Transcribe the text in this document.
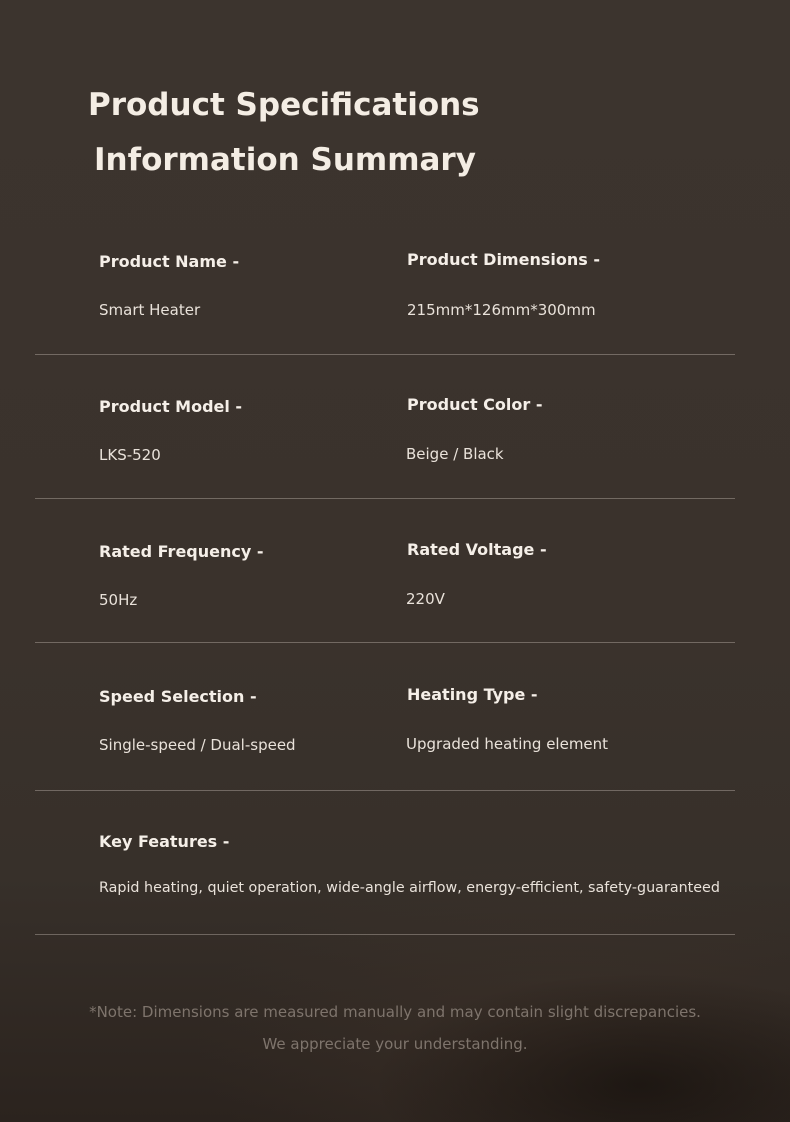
Product Specifications
Information Summary
Product Name -
Smart Heater
Product Dimensions -
215mm*126mm*300mm
Product Model -
LKS-520
Product Color -
Beige / Black
Rated Frequency -
50Hz
Rated Voltage -
220V
Speed Selection -
Single-speed / Dual-speed
Heating Type -
Upgraded heating element
Key Features -
Rapid heating, quiet operation, wide-angle airflow, energy-efficient, safety-guaranteed
*Note: Dimensions are measured manually and may contain slight discrepancies.
We appreciate your understanding.
